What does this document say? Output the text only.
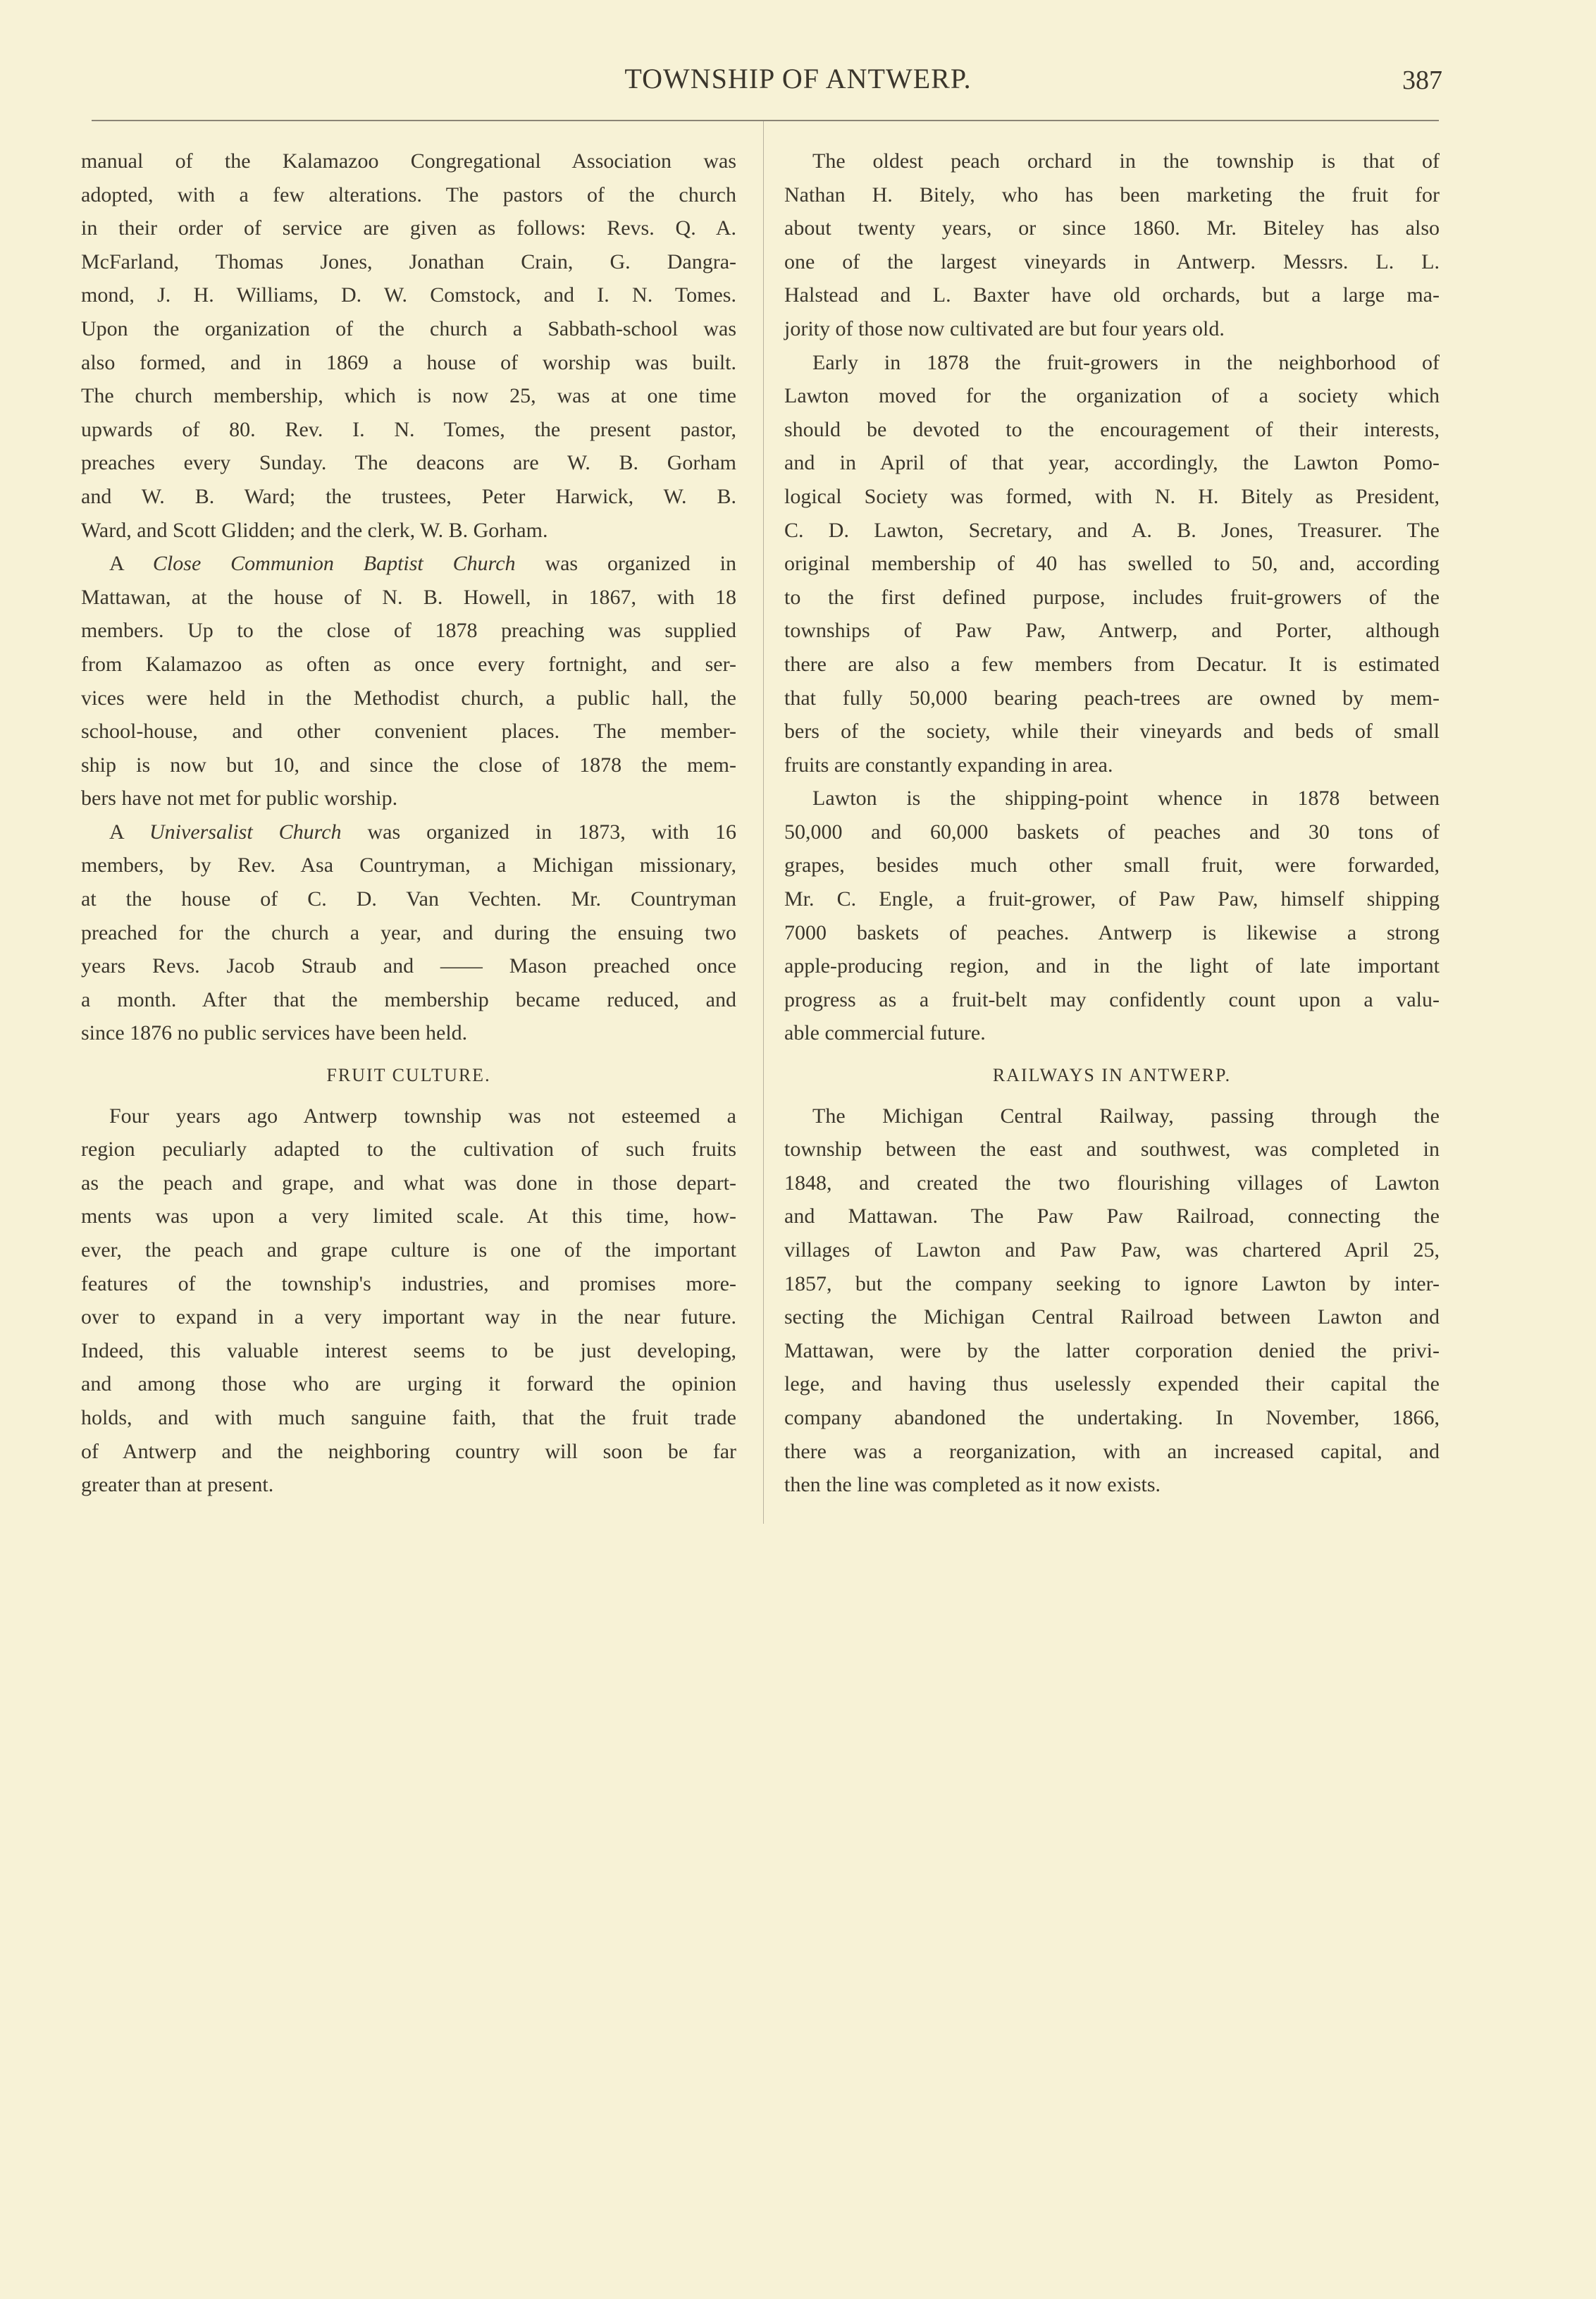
TOWNSHIP OF ANTWERP.	387
manual of the Kalamazoo Congregational Association was
adopted, with a few alterations. The pastors of the church
in their order of service are given as follows: Revs. Q. A.
McFarland, Thomas Jones, Jonathan Crain, G. Dangra-
mond, J. H. Williams, D. W. Comstock, and I. N. Tomes.
Upon the organization of the church a Sabbath-school was
also formed, and in 1869 a house of worship was built.
The church membership, which is now 25, was at one time
upwards of 80. Rev. I. N. Tomes, the present pastor,
preaches every Sunday. The deacons are W. B. Gorham
and W. B. Ward; the trustees, Peter Harwick, W. B.
Ward, and Scott Glidden; and the clerk, W. B. Gorham.
A Close Communion Baptist Church was organized in
Mattawan, at the house of N. B. Howell, in 1867, with 18
members. Up to the close of 1878 preaching was supplied
from Kalamazoo as often as once every fortnight, and ser-
vices were held in the Methodist church, a public hall, the
school-house, and other convenient places. The member-
ship is now but 10, and since the close of 1878 the mem-
bers have not met for public worship.
A Universalist Church was organized in 1873, with 16
members, by Rev. Asa Countryman, a Michigan missionary,
at the house of C. D. Van Vechten. Mr. Countryman
preached for the church a year, and during the ensuing two
years Revs. Jacob Straub and —— Mason preached once
a month. After that the membership became reduced, and
since 1876 no public services have been held.
FRUIT CULTURE.
Four years ago Antwerp township was not esteemed a
region peculiarly adapted to the cultivation of such fruits
as the peach and grape, and what was done in those depart-
ments was upon a very limited scale. At this time, how-
ever, the peach and grape culture is one of the important
features of the township's industries, and promises more-
over to expand in a very important way in the near future.
Indeed, this valuable interest seems to be just developing,
and among those who are urging it forward the opinion
holds, and with much sanguine faith, that the fruit trade
of Antwerp and the neighboring country will soon be far
greater than at present.
The oldest peach orchard in the township is that of
Nathan H. Bitely, who has been marketing the fruit for
about twenty years, or since 1860. Mr. Biteley has also
one of the largest vineyards in Antwerp. Messrs. L. L.
Halstead and L. Baxter have old orchards, but a large ma-
jority of those now cultivated are but four years old.
Early in 1878 the fruit-growers in the neighborhood of
Lawton moved for the organization of a society which
should be devoted to the encouragement of their interests,
and in April of that year, accordingly, the Lawton Pomo-
logical Society was formed, with N. H. Bitely as President,
C. D. Lawton, Secretary, and A. B. Jones, Treasurer. The
original membership of 40 has swelled to 50, and, according
to the first defined purpose, includes fruit-growers of the
townships of Paw Paw, Antwerp, and Porter, although
there are also a few members from Decatur. It is estimated
that fully 50,000 bearing peach-trees are owned by mem-
bers of the society, while their vineyards and beds of small
fruits are constantly expanding in area.
Lawton is the shipping-point whence in 1878 between
50,000 and 60,000 baskets of peaches and 30 tons of
grapes, besides much other small fruit, were forwarded,
Mr. C. Engle, a fruit-grower, of Paw Paw, himself shipping
7000 baskets of peaches. Antwerp is likewise a strong
apple-producing region, and in the light of late important
progress as a fruit-belt may confidently count upon a valu-
able commercial future.
RAILWAYS IN ANTWERP.
The Michigan Central Railway, passing through the
township between the east and southwest, was completed in
1848, and created the two flourishing villages of Lawton
and Mattawan. The Paw Paw Railroad, connecting the
villages of Lawton and Paw Paw, was chartered April 25,
1857, but the company seeking to ignore Lawton by inter-
secting the Michigan Central Railroad between Lawton and
Mattawan, were by the latter corporation denied the privi-
lege, and having thus uselessly expended their capital the
company abandoned the undertaking. In November, 1866,
there was a reorganization, with an increased capital, and
then the line was completed as it now exists.
